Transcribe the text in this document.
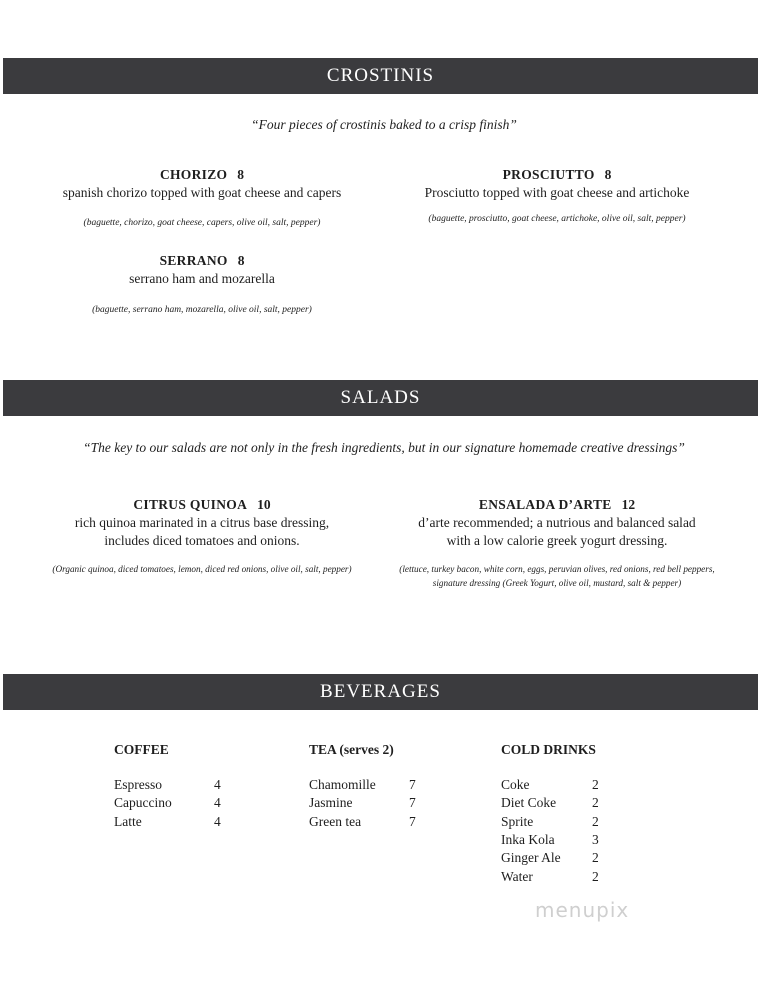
CROSTINIS
“Four pieces of crostinis baked to a crisp finish”
CHORIZO 8
spanish chorizo topped with goat cheese and capers
(baguette, chorizo, goat cheese, capers, olive oil, salt, pepper)
PROSCIUTTO 8
Prosciutto topped with goat cheese and artichoke
(baguette, prosciutto, goat cheese, artichoke, olive oil, salt, pepper)
SERRANO 8
serrano ham and mozarella
(baguette, serrano ham, mozarella, olive oil, salt, pepper)
SALADS
“The key to our salads are not only in the fresh ingredients, but in our signature homemade creative dressings”
CITRUS QUINOA 10
rich quinoa marinated in a citrus base dressing,
includes diced tomatoes and onions.
(Organic quinoa, diced tomatoes, lemon, diced red onions, olive oil, salt, pepper)
ENSALADA D’ARTE 12
d’arte recommended; a nutrious and balanced salad
with a low calorie greek yogurt dressing.
(lettuce, turkey bacon, white corn, eggs, peruvian olives, red onions, red bell peppers,
signature dressing (Greek Yogurt, olive oil, mustard, salt & pepper)
BEVERAGES
COFFEE
Espresso	4
Capuccino	4
Latte	4
TEA (serves 2)
Chamomille	7
Jasmine	7
Green tea	7
COLD DRINKS
Coke	2
Diet Coke	2
Sprite	2
Inka Kola	3
Ginger Ale	2
Water	2
menupix
